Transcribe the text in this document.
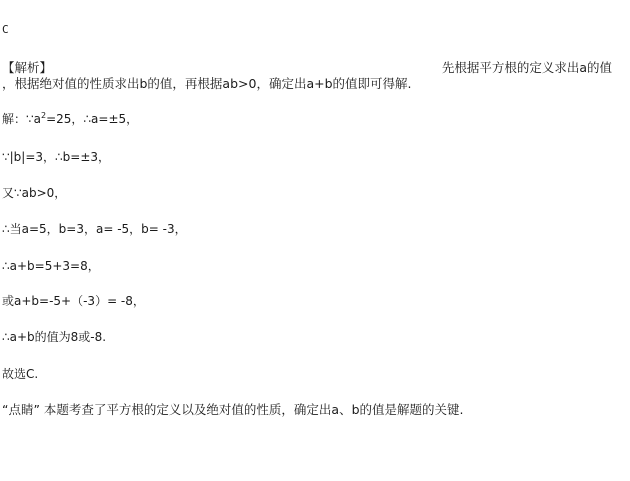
C
【解析】	先根据平方根的定义求出a的值
，根据绝对值的性质求出b的值，再根据ab>0，确定出a+b的值即可得解.
解：$\because a^2=25$，∴a=±5，
∵|b|=3，∴b=±3，
又∵ab>0，
∴当a=5，b=3，a= -5，b= -3，
∴a+b=5+3=8，
或a+b=-5+（-3）= -8，
∴a+b的值为8或-8.
故选C.
“点睛” 本题考查了平方根的定义以及绝对值的性质，确定出a、b的值是解题的关键.
